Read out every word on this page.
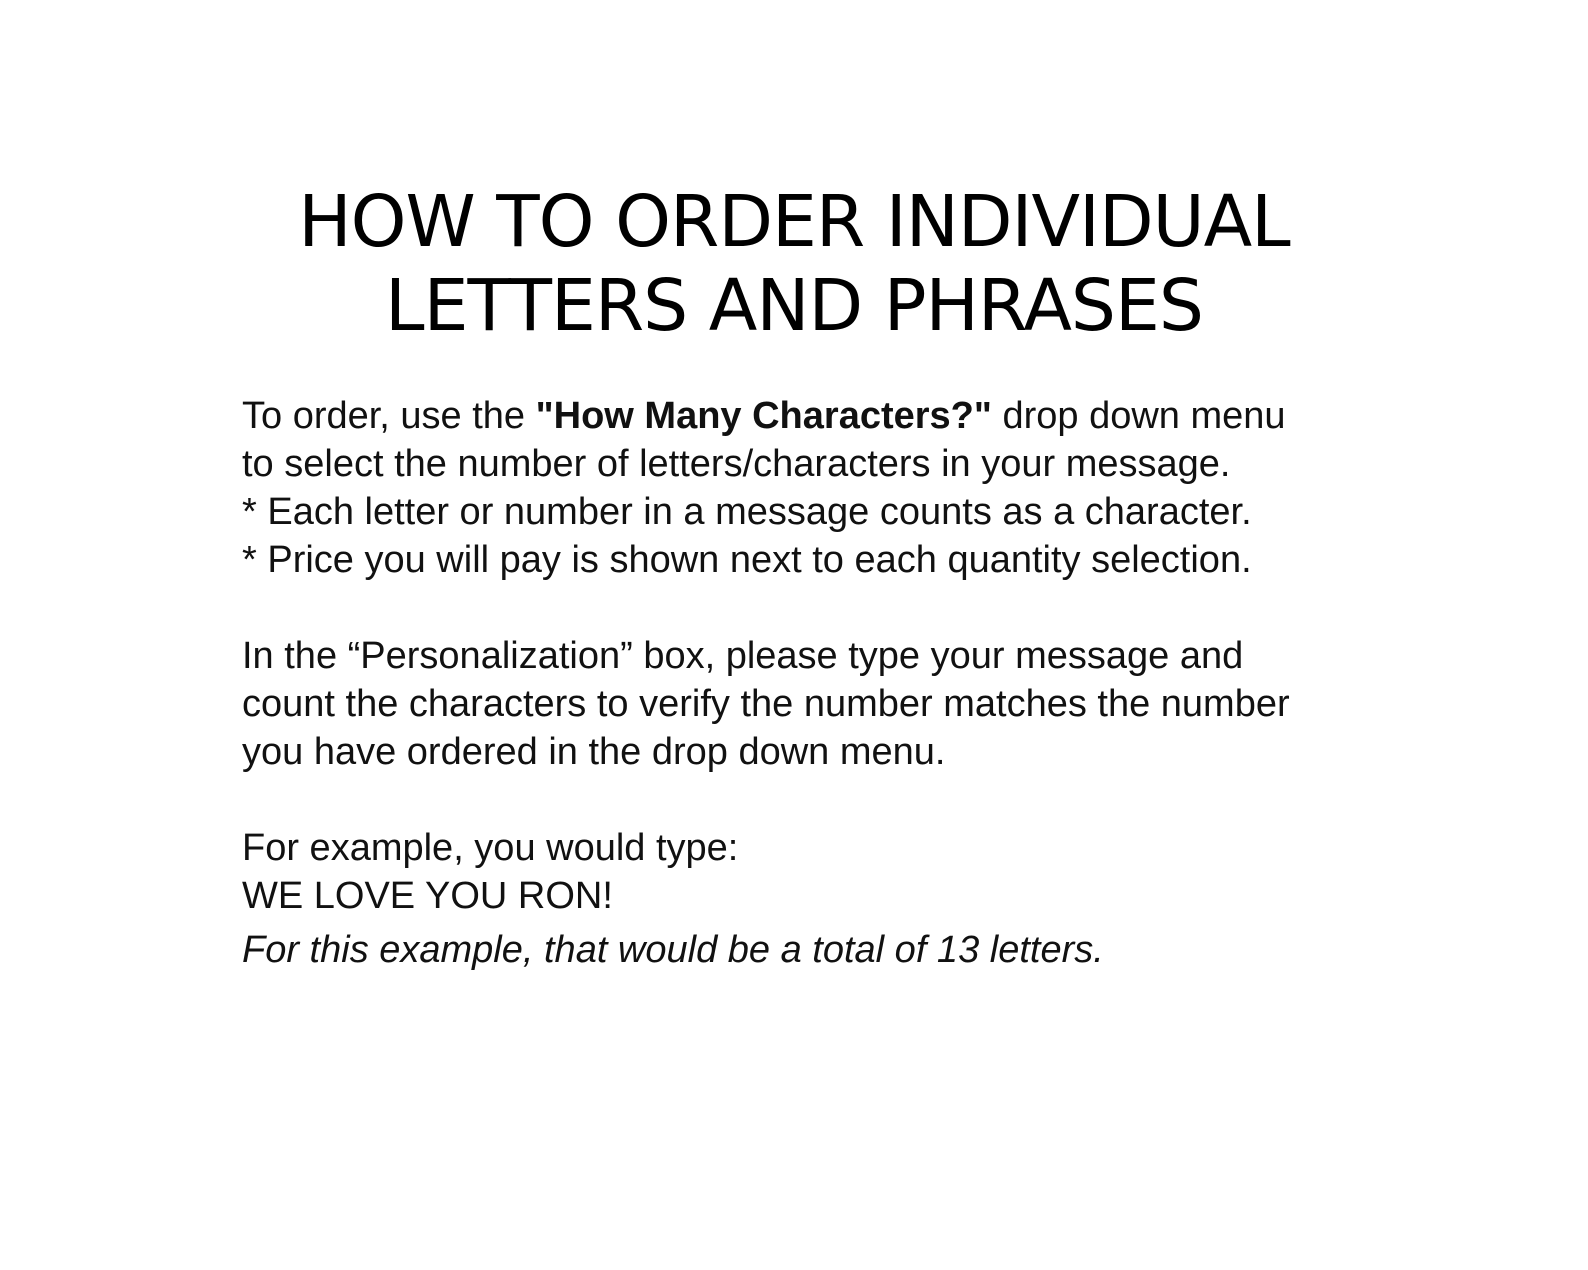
HOW TO ORDER INDIVIDUAL
LETTERS AND PHRASES
To order, use the "How Many Characters?" drop down menu
to select the number of letters/characters in your message.
* Each letter or number in a message counts as a character.
* Price you will pay is shown next to each quantity selection.
In the “Personalization” box, please type your message and
count the characters to verify the number matches the number
you have ordered in the drop down menu.
For example, you would type:
WE LOVE YOU RON!
For this example, that would be a total of 13 letters.
